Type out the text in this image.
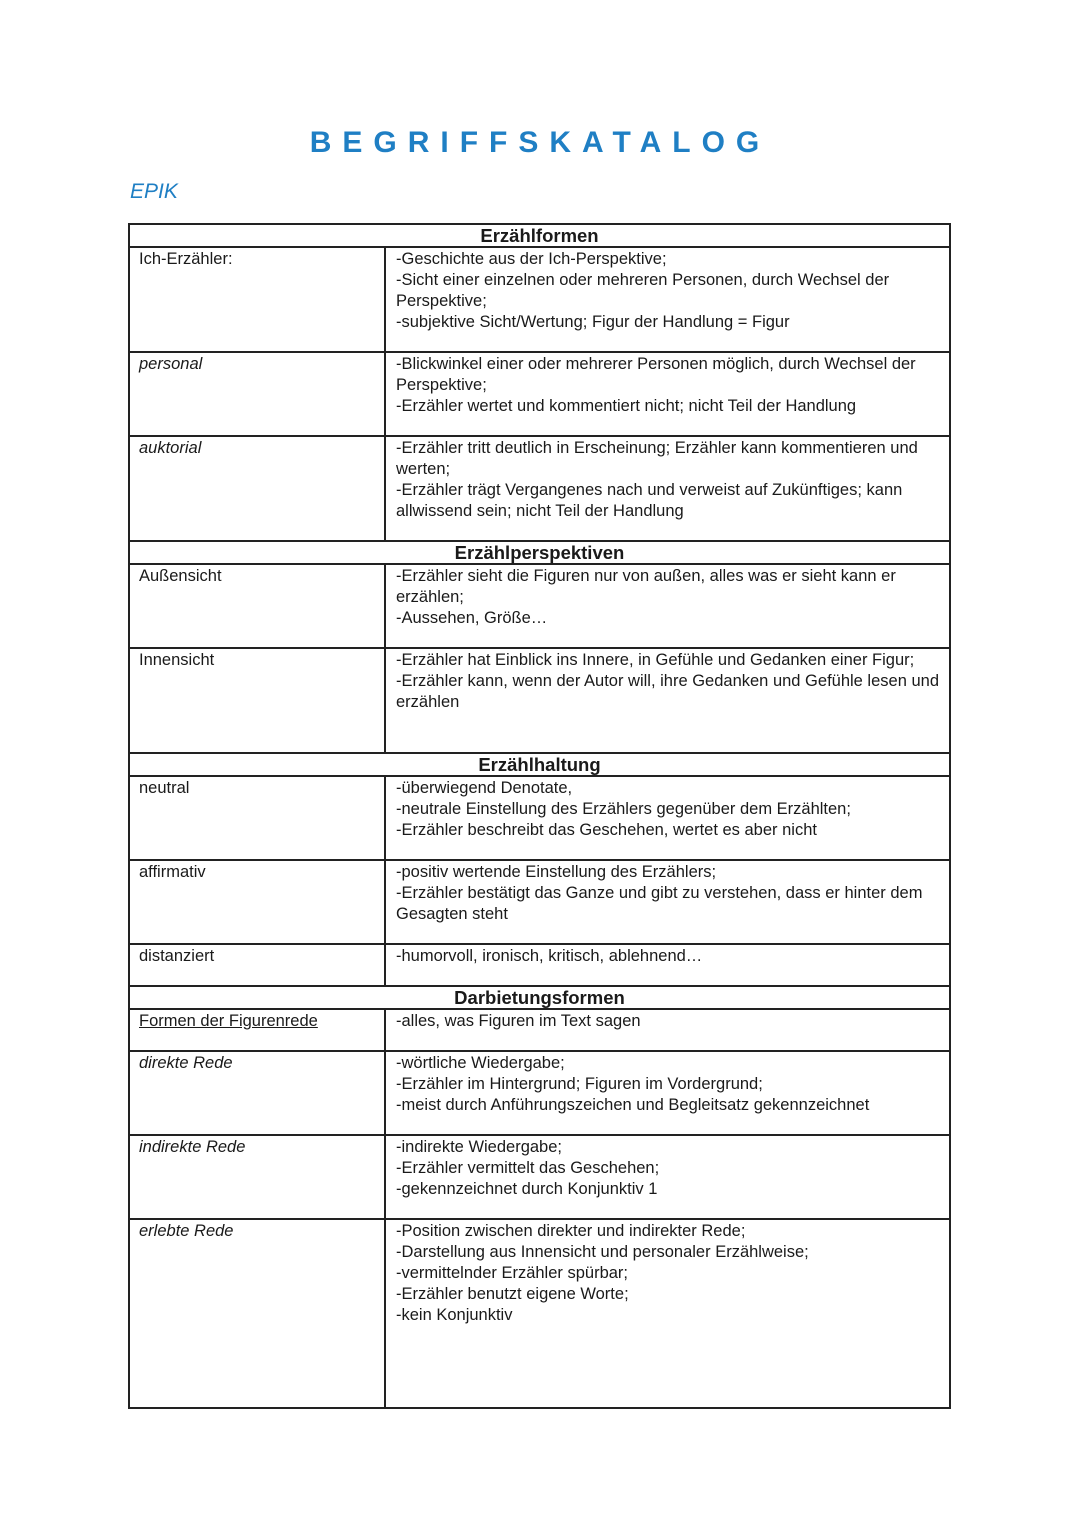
BEGRIFFSKATALOG
EPIK
Erzählformen	
Ich-Erzähler:	-Geschichte aus der Ich-Perspektive;
-Sicht einer einzelnen oder mehreren Personen, durch Wechsel der Perspektive;
-subjektive Sicht/Wertung; Figur der Handlung = Figur

personal	-Blickwinkel einer oder mehrerer Personen möglich, durch Wechsel der Perspektive;
-Erzähler wertet und kommentiert nicht; nicht Teil der Handlung

auktorial	-Erzähler tritt deutlich in Erscheinung; Erzähler kann kommentieren und werten;
-Erzähler trägt Vergangenes nach und verweist auf Zukünftiges; kann allwissend sein; nicht Teil der Handlung

Erzählperspektiven	
Außensicht	-Erzähler sieht die Figuren nur von außen, alles was er sieht kann er erzählen;
-Aussehen, Größe…

Innensicht	-Erzähler hat Einblick ins Innere, in Gefühle und Gedanken einer Figur;
-Erzähler kann, wenn der Autor will, ihre Gedanken und Gefühle lesen und erzählen

Erzählhaltung	
neutral	-überwiegend Denotate,
-neutrale Einstellung des Erzählers gegenüber dem Erzählten;
-Erzähler beschreibt das Geschehen, wertet es aber nicht

affirmativ	-positiv wertende Einstellung des Erzählers;
-Erzähler bestätigt das Ganze und gibt zu verstehen, dass er hinter dem Gesagten steht

distanziert	-humorvoll, ironisch, kritisch, ablehnend…

Darbietungsformen	
Formen der Figurenrede	-alles, was Figuren im Text sagen

direkte Rede	-wörtliche Wiedergabe;
-Erzähler im Hintergrund; Figuren im Vordergrund;
-meist durch Anführungszeichen und Begleitsatz gekennzeichnet

indirekte Rede	-indirekte Wiedergabe;
-Erzähler vermittelt das Geschehen;
-gekennzeichnet durch Konjunktiv 1

erlebte Rede	-Position zwischen direkter und indirekter Rede;
-Darstellung aus Innensicht und personaler Erzählweise;
-vermittelnder Erzähler spürbar;
-Erzähler benutzt eigene Worte;
-kein Konjunktiv
